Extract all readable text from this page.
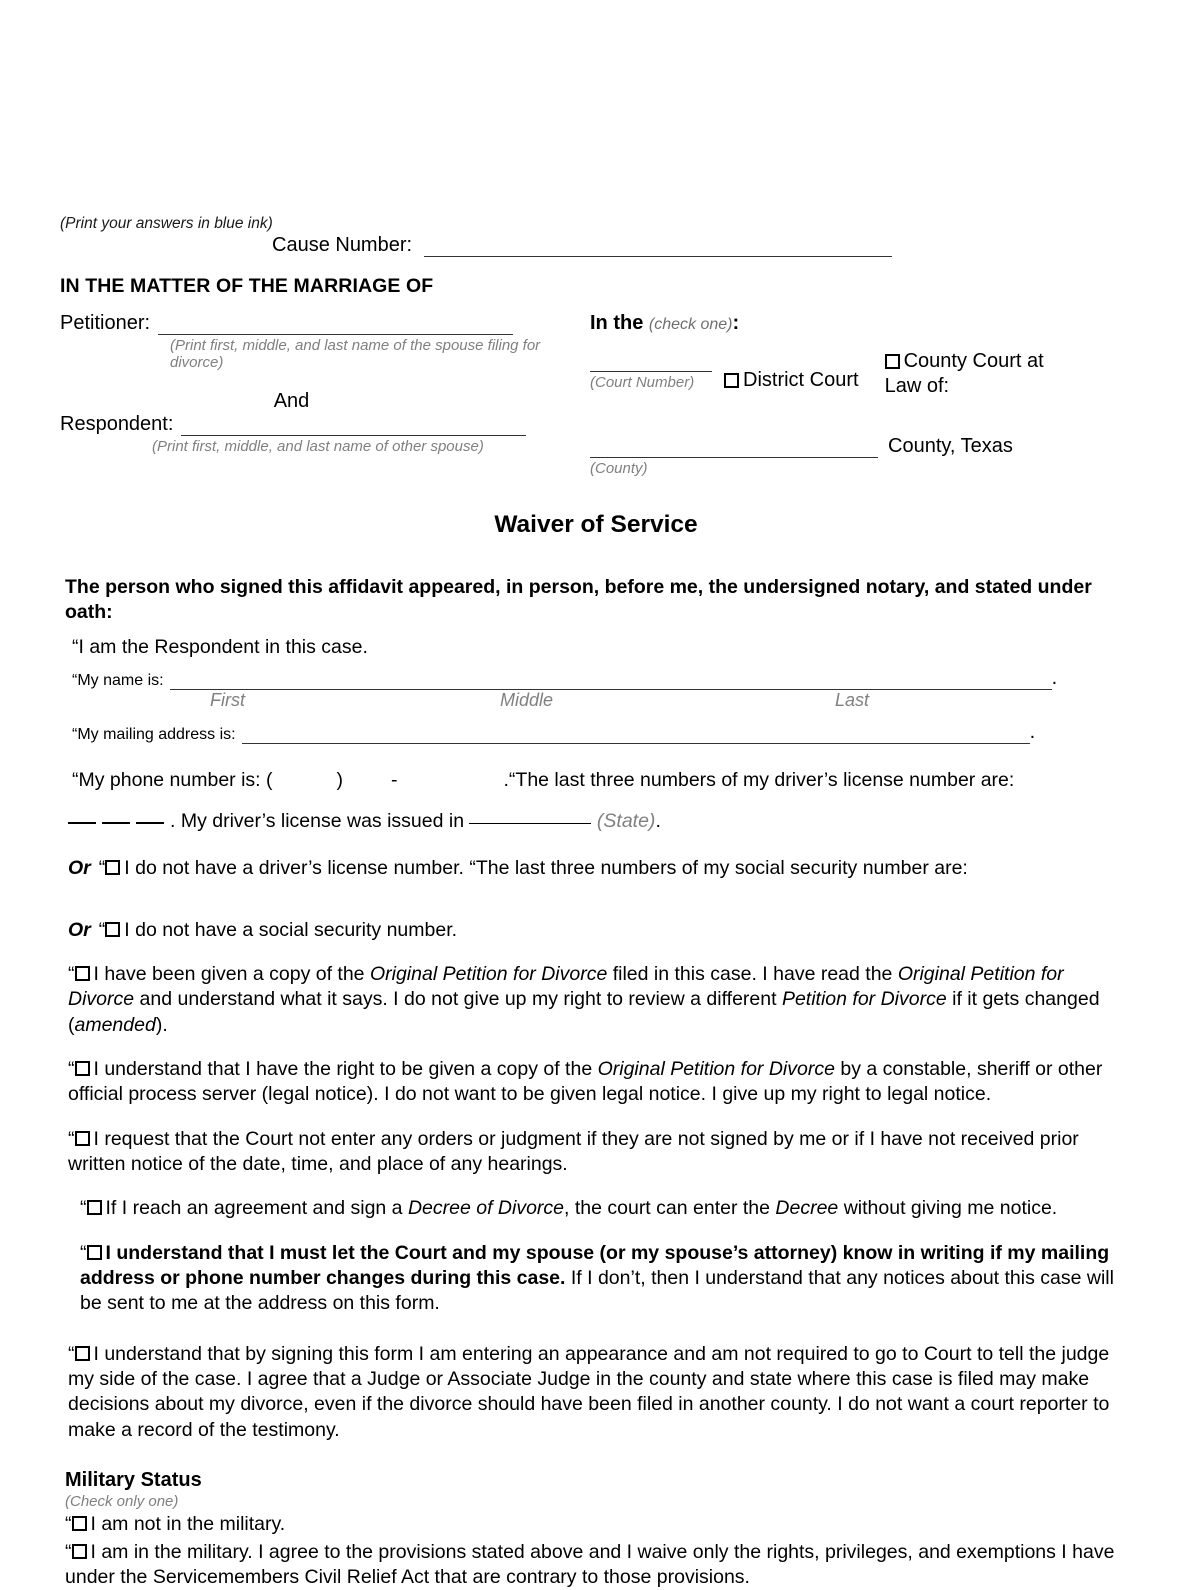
(Print your answers in blue ink)
Cause Number:
IN THE MATTER OF THE MARRIAGE OF
Petitioner:
(Print first, middle, and last name of the spouse filing for divorce)
And
Respondent:
(Print first, middle, and last name of other spouse)
In the (check one):
(Court Number)	District Court
County Court at
Law of:
County, Texas
(County)
Waiver of Service
The person who signed this affidavit appeared, in person, before me, the undersigned notary, and stated under oath:
“I am the Respondent in this case.
“My name is:	.
First	Middle	Last
“My mailing address is:	.
“My phone number is: (	) -	.“The last three numbers of my driver’s license number are:
. My driver’s license was issued in	(State).
Or “ I do not have a driver’s license number. “The last three numbers of my social security number are:
Or “ I do not have a social security number.
“ I have been given a copy of the Original Petition for Divorce filed in this case. I have read the Original Petition for Divorce and understand what it says. I do not give up my right to review a different Petition for Divorce if it gets changed (amended).
“ I understand that I have the right to be given a copy of the Original Petition for Divorce by a constable, sheriff or other official process server (legal notice). I do not want to be given legal notice. I give up my right to legal notice.
“ I request that the Court not enter any orders or judgment if they are not signed by me or if I have not received prior written notice of the date, time, and place of any hearings.
“ If I reach an agreement and sign a Decree of Divorce, the court can enter the Decree without giving me notice.
“ I understand that I must let the Court and my spouse (or my spouse’s attorney) know in writing if my mailing address or phone number changes during this case. If I don’t, then I understand that any notices about this case will be sent to me at the address on this form.
“ I understand that by signing this form I am entering an appearance and am not required to go to Court to tell the judge my side of the case. I agree that a Judge or Associate Judge in the county and state where this case is filed may make decisions about my divorce, even if the divorce should have been filed in another county. I do not want a court reporter to make a record of the testimony.
Military Status
(Check only one)
“ I am not in the military.
“ I am in the military. I agree to the provisions stated above and I waive only the rights, privileges, and exemptions I have under the Servicemembers Civil Relief Act that are contrary to those provisions.
